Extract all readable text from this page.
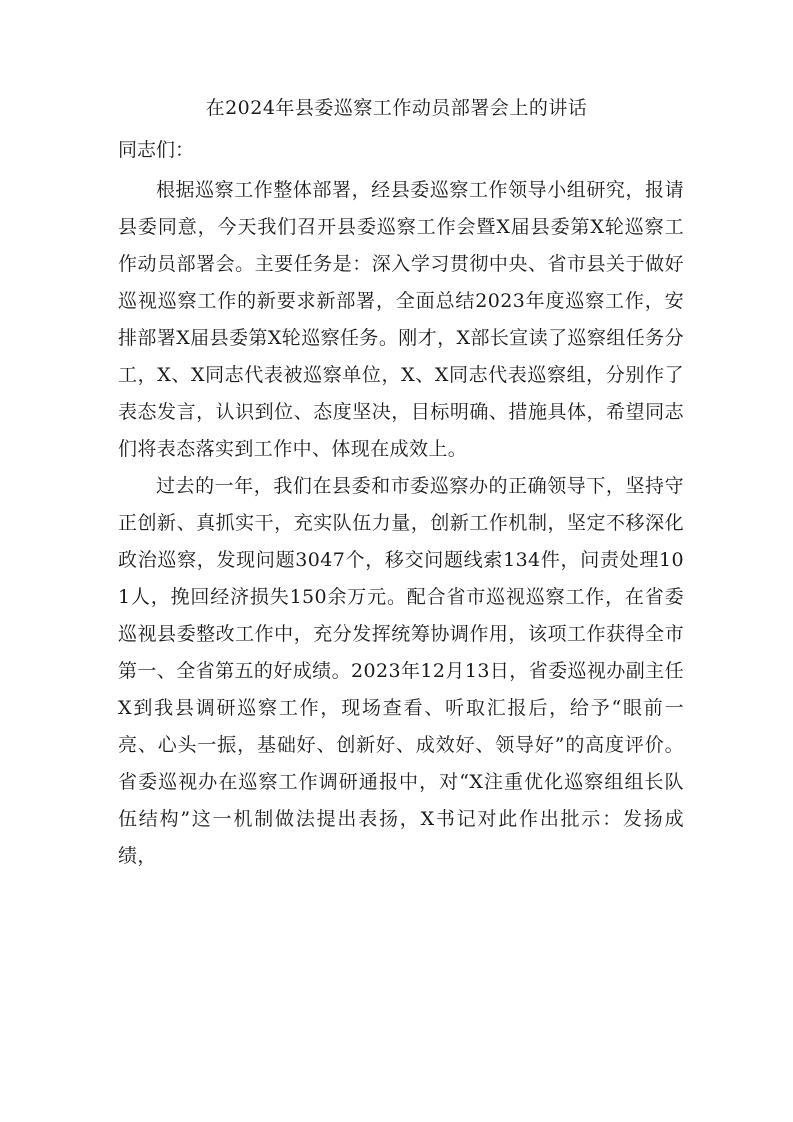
在2024年县委巡察工作动员部署会上的讲话

同志们：

根据巡察工作整体部署，经县委巡察工作领导小组研究，报请县委同意，今天我们召开县委巡察工作会暨X届县委第X轮巡察工作动员部署会。主要任务是：深入学习贯彻中央、省市县关于做好巡视巡察工作的新要求新部署，全面总结2023年度巡察工作，安排部署X届县委第X轮巡察任务。刚才，X部长宣读了巡察组任务分工，X、X同志代表被巡察单位，X、X同志代表巡察组，分别作了表态发言，认识到位、态度坚决，目标明确、措施具体，希望同志们将表态落实到工作中、体现在成效上。

过去的一年，我们在县委和市委巡察办的正确领导下，坚持守正创新、真抓实干，充实队伍力量，创新工作机制，坚定不移深化政治巡察，发现问题3047个，移交问题线索134件，问责处理101人，挽回经济损失150余万元。配合省市巡视巡察工作，在省委巡视县委整改工作中，充分发挥统筹协调作用，该项工作获得全市第一、全省第五的好成绩。2023年12月13日，省委巡视办副主任X到我县调研巡察工作，现场查看、听取汇报后，给予“眼前一亮、心头一振，基础好、创新好、成效好、领导好”的高度评价。省委巡视办在巡察工作调研通报中，对“X注重优化巡察组组长队伍结构”这一机制做法提出表扬，X书记对此作出批示：发扬成绩，
